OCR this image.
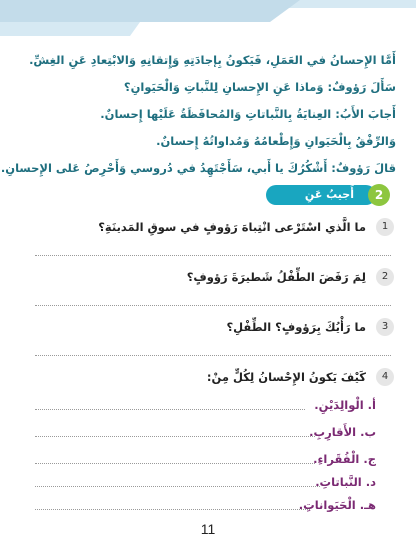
أَمَّا الإِحسانُ في العَمَلِ، فَيَكونُ بِإجادَتِهِ وَإِتقانِهِ وَالابْتِعادِ عَنِ الغِشِّ.
سَأَلَ رَؤوفٌ: وَماذا عَنِ الإِحسانِ لِلنَّباتِ وَالْحَيَوانِ؟
أَجابَ الأَبُ: العِنايَةُ بِالنَّباتاتِ وَالمُحافَظَةُ عَلَيْها إِحسانٌ.
وَالرِّفْقُ بِالْحَيَوانِ وَإِطْعامُهُ وَمُداواتُهُ إِحسانٌ.
قالَ رَؤوفٌ: أَشْكُرُكَ يا أَبي، سَأَجْتَهِدُ في دُروسي وَأَحْرِصُ عَلى الإِحسانِ.
2
أَجيبُ عَنِ الأَسْئِلَةِ
1
ما الَّذي اسْتَرْعى انْتِباهَ رَؤوفٍ في سوقِ المَدينَةِ؟
2
لِمَ رَفَضَ الطِّفْلُ شَطيرَةَ رَؤوفٍ؟
3
ما رَأْيُكَ بِرَؤوفٍ؟ الطِّفْلِ؟
4
كَيْفَ يَكونُ الإِحْسانُ لِكُلٍّ مِنْ:
أ. الْوالِدَيْنِ.
ب. الأَقارِبِ.
ج. الْفُقَراءِ.
د. النَّباتاتِ.
هـ. الْحَيَواناتِ.
11
